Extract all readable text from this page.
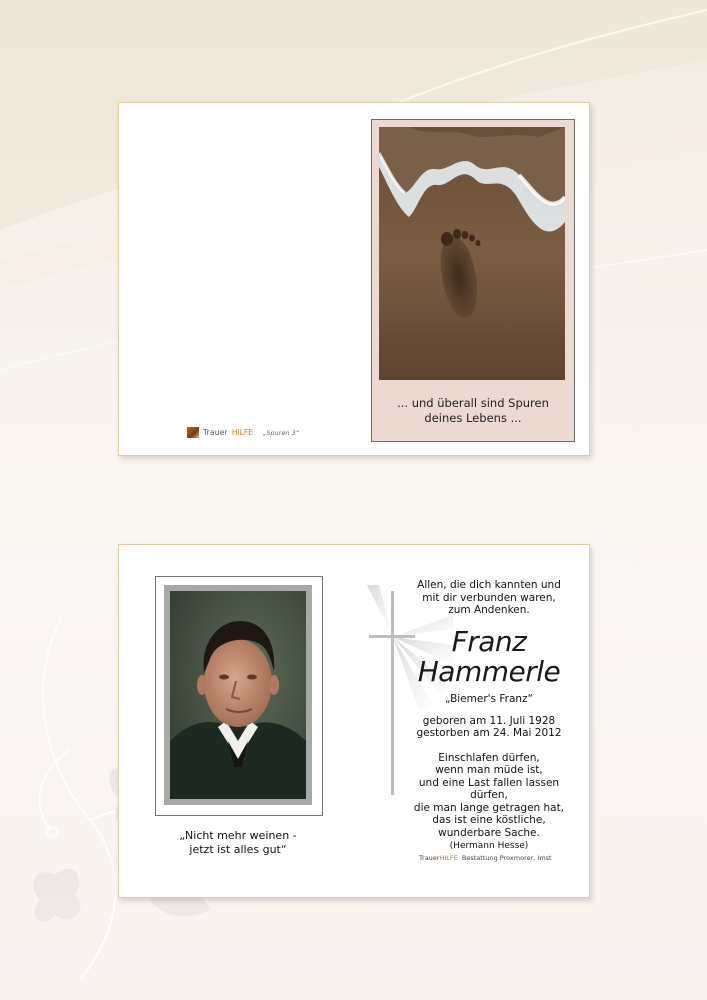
Trauer HILFE „Spuren 3“
... und überall sind Spuren
deines Lebens ...
„Nicht mehr weinen -
jetzt ist alles gut“
Allen, die dich kannten und
mit dir verbunden waren,
zum Andenken.
Franz
Hammerle
„Biemer's Franz“
geboren am 11. Juli 1928
gestorben am 24. Mai 2012
Einschlafen dürfen,
wenn man müde ist,
und eine Last fallen lassen dürfen,
die man lange getragen hat,
das ist eine köstliche,
wunderbare Sache.
(Hermann Hesse)
TrauerHILFE Bestattung Proxmorer, Imst
